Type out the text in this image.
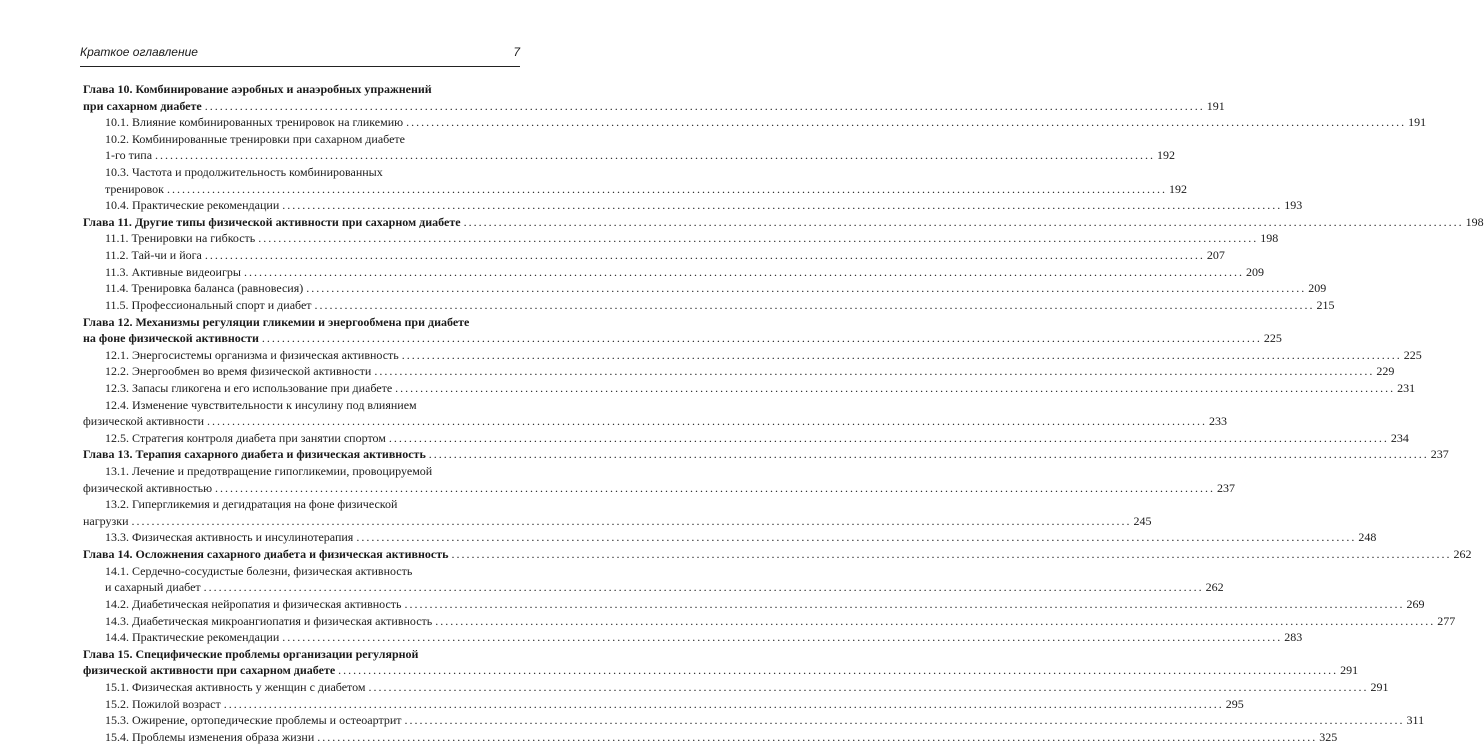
Краткое оглавление	7
Глава 10. Комбинирование аэробных и анаэробных упражнений
при сахарном диабете ........................................................................................................................................................................................................ 191
10.1. Влияние комбинированных тренировок на гликемию ........................................................................................................................................................................................................ 191
10.2. Комбинированные тренировки при сахарном диабете
1-го типа ........................................................................................................................................................................................................ 192
10.3. Частота и продолжительность комбинированных
тренировок ........................................................................................................................................................................................................ 192
10.4. Практические рекомендации ........................................................................................................................................................................................................ 193
Глава 11. Другие типы физической активности при сахарном диабете ........................................................................................................................................................................................................ 198
11.1. Тренировки на гибкость ........................................................................................................................................................................................................ 198
11.2. Тай-чи и йога ........................................................................................................................................................................................................ 207
11.3. Активные видеоигры ........................................................................................................................................................................................................ 209
11.4. Тренировка баланса (равновесия) ........................................................................................................................................................................................................ 209
11.5. Профессиональный спорт и диабет ........................................................................................................................................................................................................ 215
Глава 12. Механизмы регуляции гликемии и энергообмена при диабете
на фоне физической активности ........................................................................................................................................................................................................ 225
12.1. Энергосистемы организма и физическая активность ........................................................................................................................................................................................................ 225
12.2. Энергообмен во время физической активности ........................................................................................................................................................................................................ 229
12.3. Запасы гликогена и его использование при диабете ........................................................................................................................................................................................................ 231
12.4. Изменение чувствительности к инсулину под влиянием
физической активности ........................................................................................................................................................................................................ 233
12.5. Стратегия контроля диабета при занятии спортом ........................................................................................................................................................................................................ 234
Глава 13. Терапия сахарного диабета и физическая активность ........................................................................................................................................................................................................ 237
13.1. Лечение и предотвращение гипогликемии, провоцируемой
физической активностью ........................................................................................................................................................................................................ 237
13.2. Гипергликемия и дегидратация на фоне физической
нагрузки ........................................................................................................................................................................................................ 245
13.3. Физическая активность и инсулинотерапия ........................................................................................................................................................................................................ 248
Глава 14. Осложнения сахарного диабета и физическая активность ........................................................................................................................................................................................................ 262
14.1. Сердечно-сосудистые болезни, физическая активность
и сахарный диабет ........................................................................................................................................................................................................ 262
14.2. Диабетическая нейропатия и физическая активность ........................................................................................................................................................................................................ 269
14.3. Диабетическая микроангиопатия и физическая активность ........................................................................................................................................................................................................ 277
14.4. Практические рекомендации ........................................................................................................................................................................................................ 283
Глава 15. Специфические проблемы организации регулярной
физической активности при сахарном диабете ........................................................................................................................................................................................................ 291
15.1. Физическая активность у женщин с диабетом ........................................................................................................................................................................................................ 291
15.2. Пожилой возраст ........................................................................................................................................................................................................ 295
15.3. Ожирение, ортопедические проблемы и остеоартрит ........................................................................................................................................................................................................ 311
15.4. Проблемы изменения образа жизни ........................................................................................................................................................................................................ 325
